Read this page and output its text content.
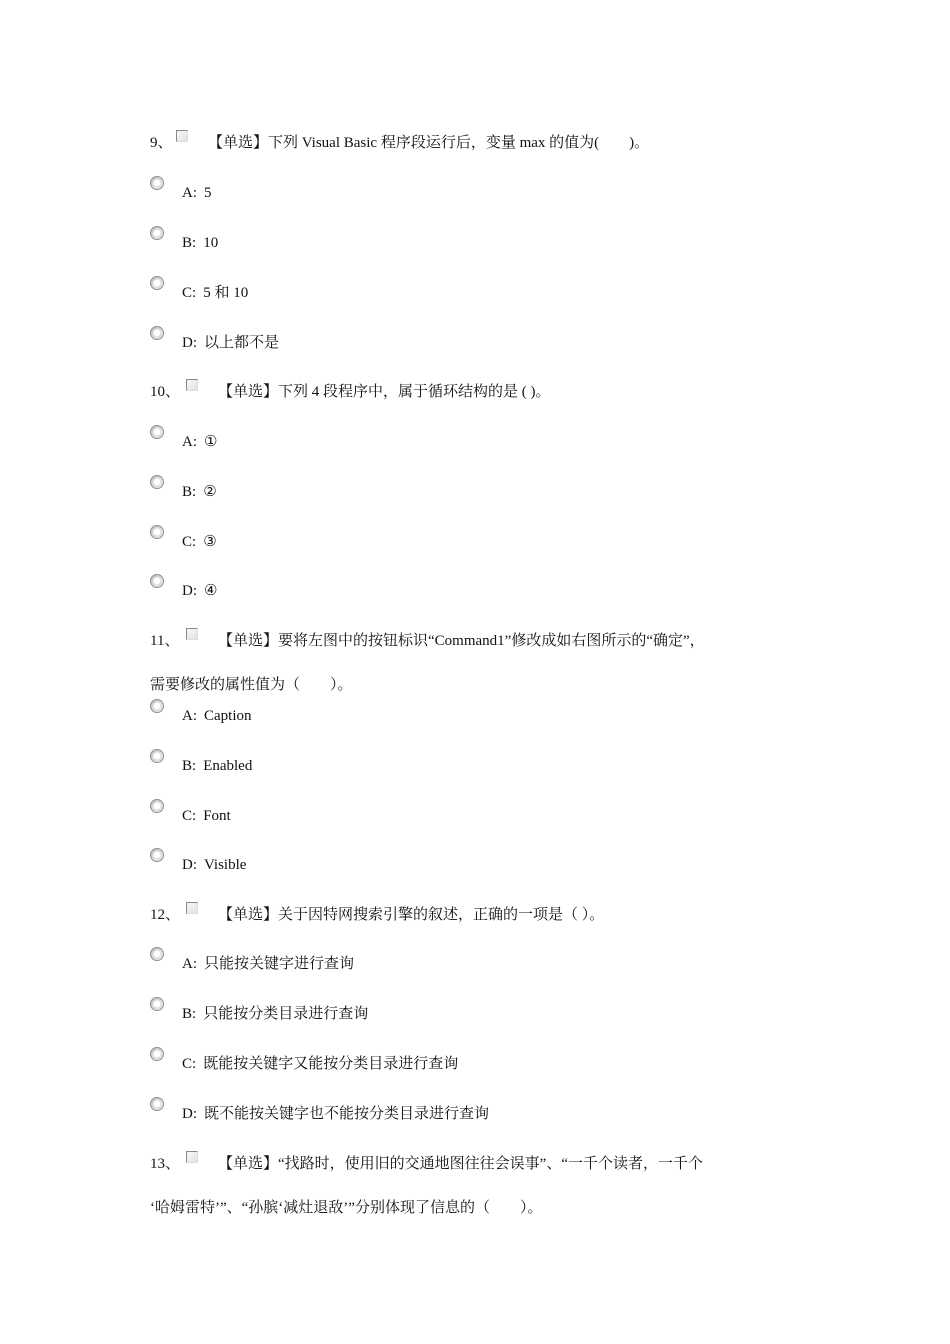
9、 【单选】下列 Visual Basic 程序段运行后，变量 max 的值为(　　)。
A: 5
B: 10
C: 5 和 10
D: 以上都不是
10、	【单选】下列 4 段程序中，属于循环结构的是 ( )。
A: ①
B: ②
C: ③
D: ④
11、	【单选】要将左图中的按钮标识“Command1”修改成如右图所示的“确定”，
需要修改的属性值为（　　）。
A: Caption
B: Enabled
C: Font
D: Visible
12、	【单选】关于因特网搜索引擎的叙述，正确的一项是（ ）。
A: 只能按关键字进行查询
B: 只能按分类目录进行查询
C: 既能按关键字又能按分类目录进行查询
D: 既不能按关键字也不能按分类目录进行查询
13、	【单选】“找路时，使用旧的交通地图往往会误事”、“一千个读者，一千个
‘哈姆雷特’”、“孙膑‘减灶退敌’”分别体现了信息的（　　）。
